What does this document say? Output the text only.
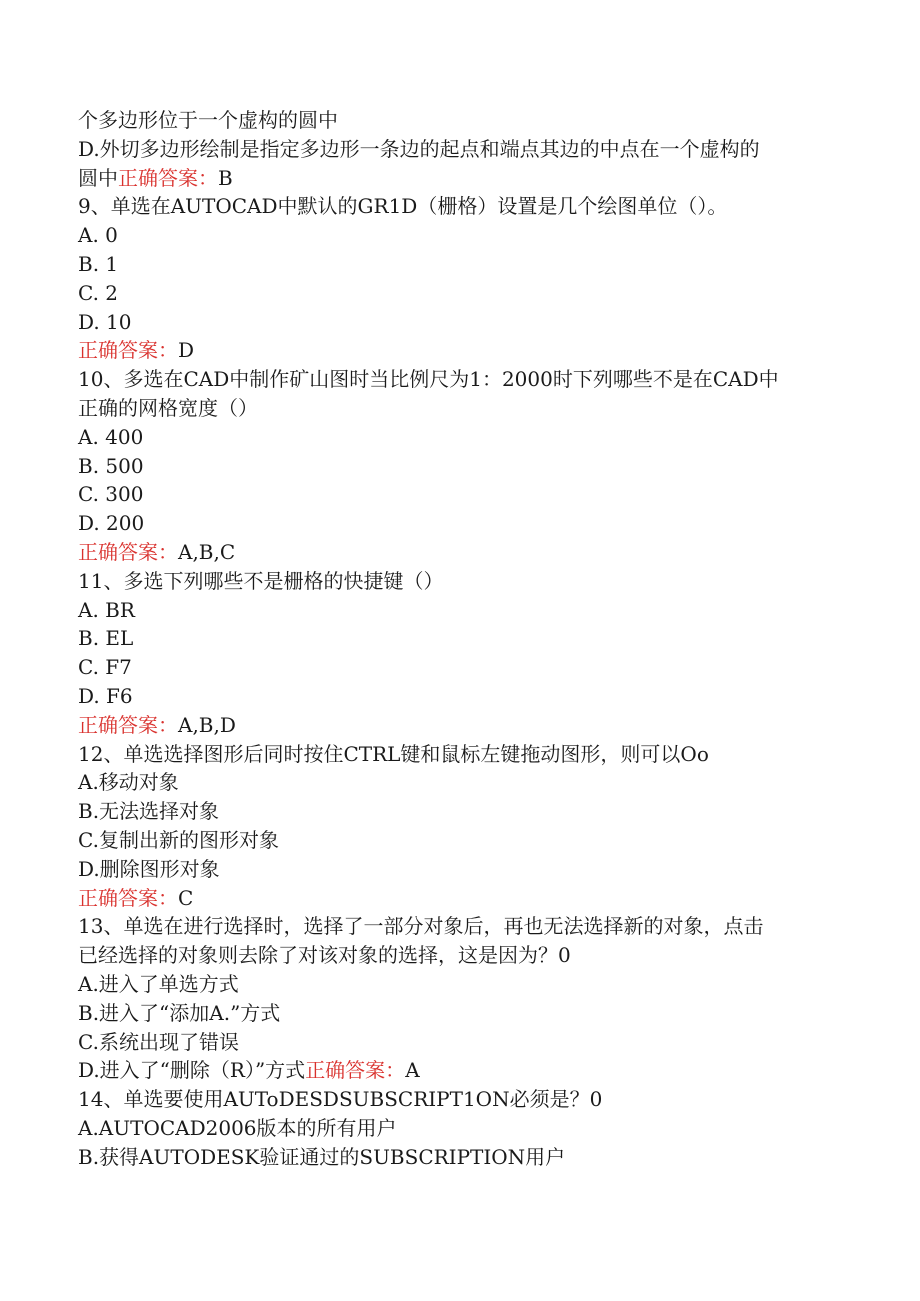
个多边形位于一个虚构的圆中
D.外切多边形绘制是指定多边形一条边的起点和端点其边的中点在一个虚构的
圆中正确答案：B
9、单选在AUTOCAD中默认的GR1D（栅格）设置是几个绘图单位（）。
A. 0
B. 1
C. 2
D. 10
正确答案：D
10、多选在CAD中制作矿山图时当比例尺为1：2000时下列哪些不是在CAD中
正确的网格宽度（）
A. 400
B. 500
C. 300
D. 200
正确答案：A,B,C
11、多选下列哪些不是栅格的快捷键（）
A. BR
B. EL
C. F7
D. F6
正确答案：A,B,D
12、单选选择图形后同时按住CTRL键和鼠标左键拖动图形，则可以Oo
A.移动对象
B.无法选择对象
C.复制出新的图形对象
D.删除图形对象
正确答案：C
13、单选在进行选择时，选择了一部分对象后，再也无法选择新的对象，点击
已经选择的对象则去除了对该对象的选择，这是因为？0
A.进入了单选方式
B.进入了“添加A.”方式
C.系统出现了错误
D.进入了“删除（R）”方式正确答案：A
14、单选要使用AUToDESDSUBSCRIPT1ON必须是？0
A.AUTOCAD2006版本的所有用户
B.获得AUTODESK验证通过的SUBSCRIPTION用户
